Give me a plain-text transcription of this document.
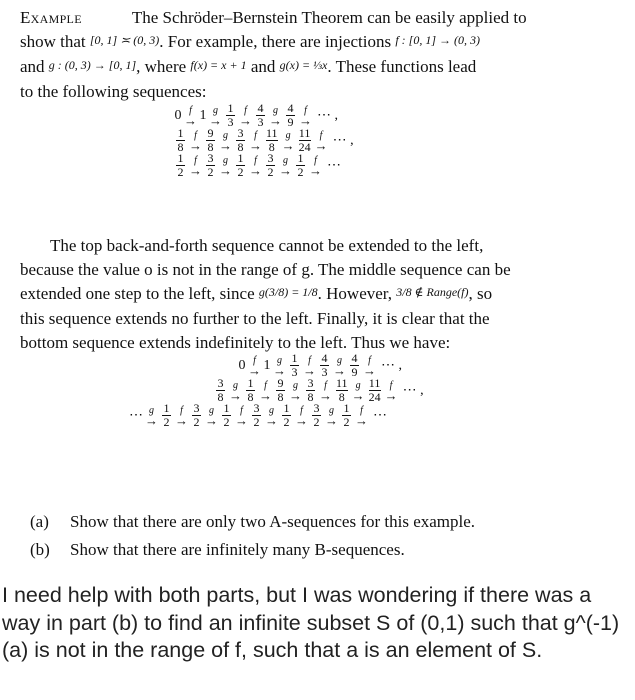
Example	The Schröder–Bernstein Theorem can be easily applied to
show that [0, 1] ≍ (0, 3). For example, there are injections f : [0, 1] → (0, 3)
and g : (0, 3) → [0, 1], where f(x) = x + 1 and g(x) = ⅓x. These functions lead
to the following sequences:
0 f
→ 1 g
→ $\frac{1}{3}$ f
→ $\frac{4}{3}$ g
→ $\frac{4}{9}$ f
→ ⋯ ,
$\frac{1}{8}$ f
→ $\frac{9}{8}$ g
→ $\frac{3}{8}$ f
→ $\frac{11}{8}$ g
→ $\frac{11}{24}$ f
→ ⋯ ,
$\frac{1}{2}$ f
→ $\frac{3}{2}$ g
→ $\frac{1}{2}$ f
→ $\frac{3}{2}$ g
→ $\frac{1}{2}$ f
→ ⋯
The top back-and-forth sequence cannot be extended to the left,
because the value o is not in the range of g. The middle sequence can be
extended one step to the left, since g(3/8) = 1/8. However, 3/8 ∉ Range(f), so
this sequence extends no further to the left. Finally, it is clear that the
bottom sequence extends indefinitely to the left. Thus we have:
0 f
→ 1 g
→ $\frac{1}{3}$ f
→ $\frac{4}{3}$ g
→ $\frac{4}{9}$ f
→ ⋯ ,
$\frac{3}{8}$ g
→ $\frac{1}{8}$ f
→ $\frac{9}{8}$ g
→ $\frac{3}{8}$ f
→ $\frac{11}{8}$ g
→ $\frac{11}{24}$ f
→ ⋯ ,
⋯ g
→ $\frac{1}{2}$ f
→ $\frac{3}{2}$ g
→ $\frac{1}{2}$ f
→ $\frac{3}{2}$ g
→ $\frac{1}{2}$ f
→ $\frac{3}{2}$ g
→ $\frac{1}{2}$ f
→ ⋯
(a) Show that there are only two A-sequences for this example.
(b) Show that there are infinitely many B-sequences.
I need help with both parts, but I was wondering if there was a way in part (b) to find an infinite subset S of (0,1) such that g^(-1)(a) is not in the range of f, such that a is an element of S.
